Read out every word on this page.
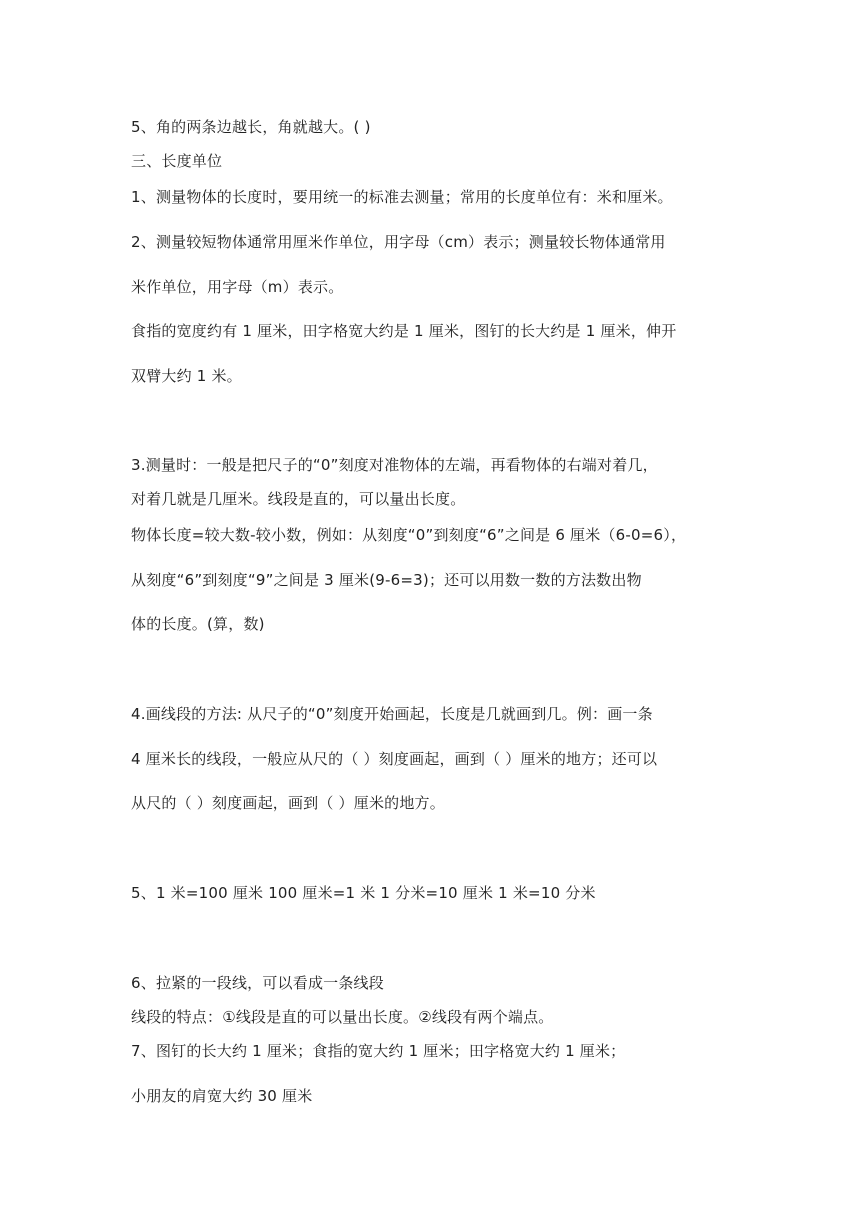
5、角的两条边越长，角就越大。( )
三、长度单位
1、测量物体的长度时，要用统一的标准去测量；常用的长度单位有：米和厘米。
2、测量较短物体通常用厘米作单位，用字母（cm）表示；测量较长物体通常用
米作单位，用字母（m）表示。
食指的宽度约有 1 厘米，田字格宽大约是 1 厘米，图钉的长大约是 1 厘米，伸开
双臂大约 1 米。
3.测量时：一般是把尺子的“0”刻度对准物体的左端，再看物体的右端对着几，
对着几就是几厘米。线段是直的，可以量出长度。
物体长度=较大数-较小数，例如：从刻度“0”到刻度“6”之间是 6 厘米（6-0=6），
从刻度“6”到刻度“9”之间是 3 厘米(9-6=3)；还可以用数一数的方法数出物
体的长度。(算，数)
4.画线段的方法: 从尺子的“0”刻度开始画起，长度是几就画到几。例：画一条
4 厘米长的线段，一般应从尺的（ ）刻度画起，画到（ ）厘米的地方；还可以
从尺的（ ）刻度画起，画到（ ）厘米的地方。
5、1 米=100 厘米 100 厘米=1 米 1 分米=10 厘米 1 米=10 分米
6、拉紧的一段线，可以看成一条线段
线段的特点：①线段是直的可以量出长度。②线段有两个端点。
7、图钉的长大约 1 厘米；食指的宽大约 1 厘米；田字格宽大约 1 厘米；
小朋友的肩宽大约 30 厘米
